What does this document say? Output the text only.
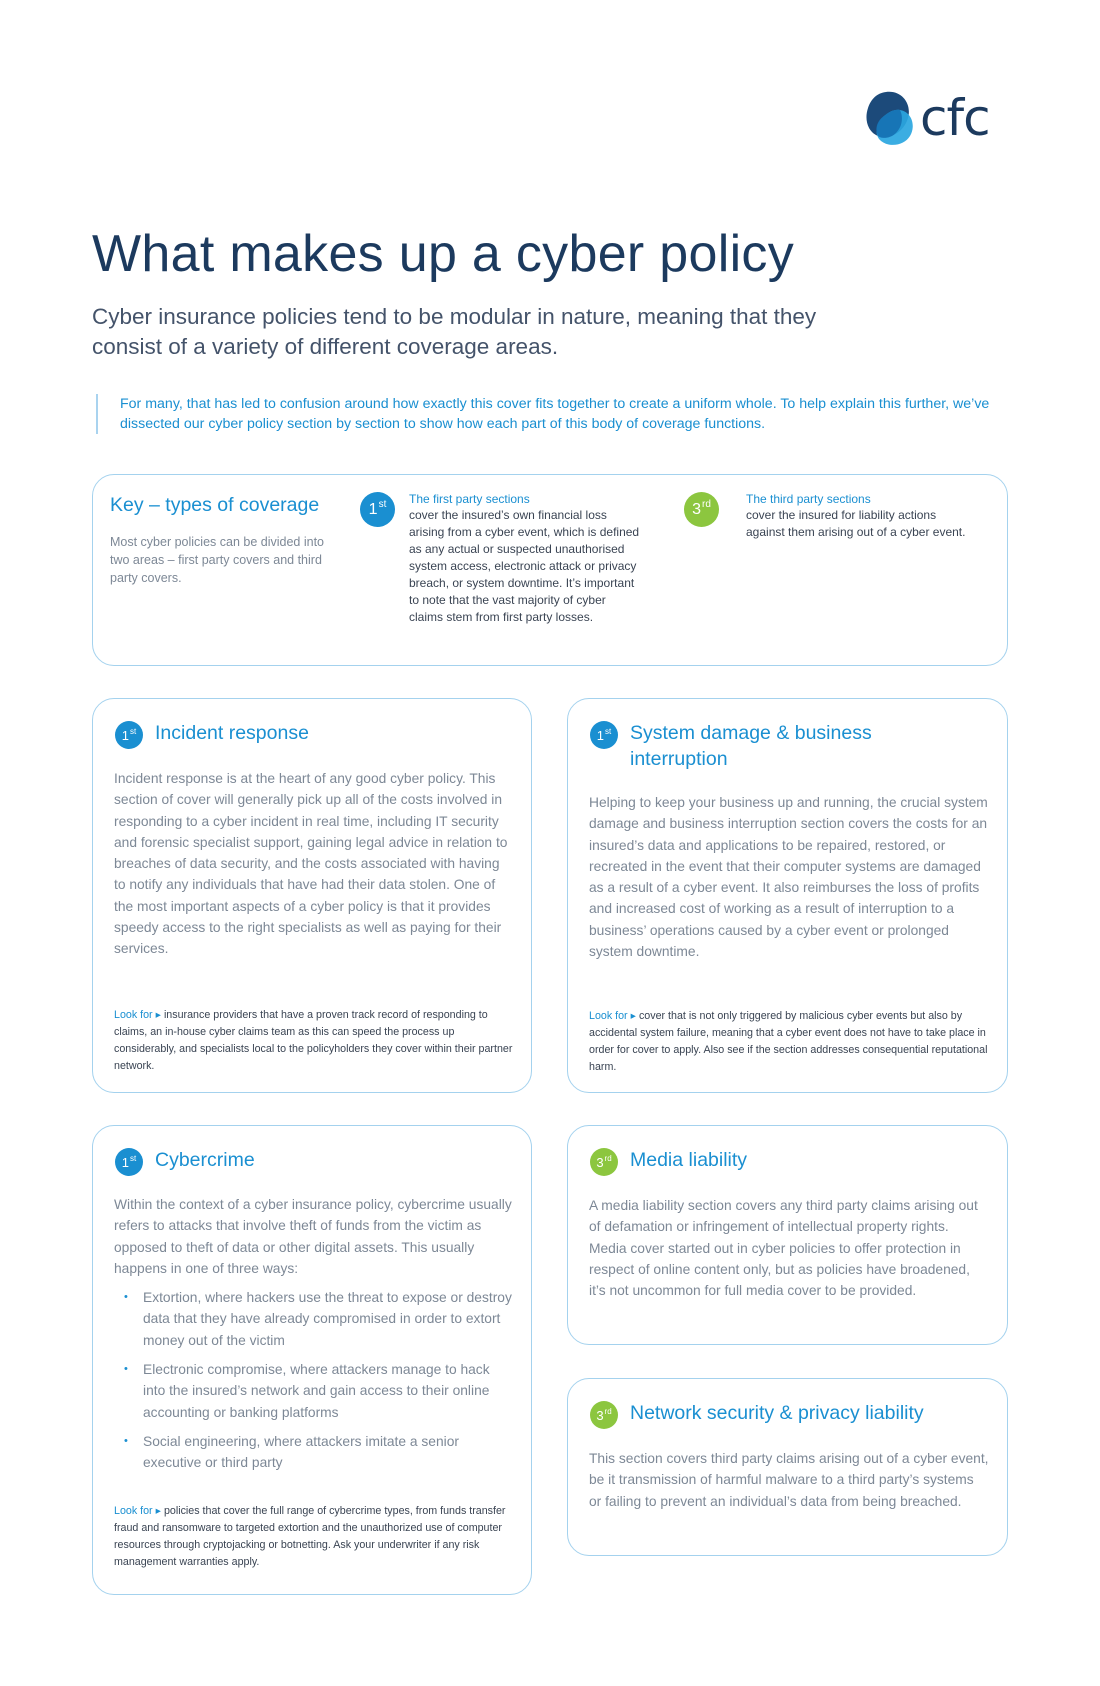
cfc
What makes up a cyber policy

Cyber insurance policies tend to be modular in nature, meaning that they consist of a variety of different coverage areas.

For many, that has led to confusion around how exactly this cover fits together to create a uniform whole. To help explain this further, we’ve dissected our cyber policy section by section to show how each part of this body of coverage functions.
Key – types of coverage
Most cyber policies can be divided into two areas – first party covers and third party covers.
1st The first party sections
cover the insured’s own financial loss arising from a cyber event, which is defined as any actual or suspected unauthorised system access, electronic attack or privacy breach, or system downtime. It’s important to note that the vast majority of cyber claims stem from first party losses.
3rd	The third party sections
cover the insured for liability actions against them arising out of a cyber event.
1st Incident response
Incident response is at the heart of any good cyber policy. This section of cover will generally pick up all of the costs involved in responding to a cyber incident in real time, including IT security and forensic specialist support, gaining legal advice in relation to breaches of data security, and the costs associated with having to notify any individuals that have had their data stolen. One of the most important aspects of a cyber policy is that it provides speedy access to the right specialists as well as paying for their services.
Look for ▸ insurance providers that have a proven track record of responding to claims, an in-house cyber claims team as this can speed the process up considerably, and specialists local to the policyholders they cover within their partner network.
1st System damage & business interruption
Helping to keep your business up and running, the crucial system damage and business interruption section covers the costs for an insured’s data and applications to be repaired, restored, or recreated in the event that their computer systems are damaged as a result of a cyber event. It also reimburses the loss of profits and increased cost of working as a result of interruption to a business’ operations caused by a cyber event or prolonged system downtime.
Look for ▸ cover that is not only triggered by malicious cyber events but also by accidental system failure, meaning that a cyber event does not have to take place in order for cover to apply. Also see if the section addresses consequential reputational harm.
1st Cybercrime
Within the context of a cyber insurance policy, cybercrime usually refers to attacks that involve theft of funds from the victim as opposed to theft of data or other digital assets. This usually happens in one of three ways:
• Extortion, where hackers use the threat to expose or destroy data that they have already compromised in order to extort money out of the victim
• Electronic compromise, where attackers manage to hack into the insured’s network and gain access to their online accounting or banking platforms
• Social engineering, where attackers imitate a senior executive or third party
Look for ▸ policies that cover the full range of cybercrime types, from funds transfer fraud and ransomware to targeted extortion and the unauthorized use of computer resources through cryptojacking or botnetting. Ask your underwriter if any risk management warranties apply.
3rd Media liability
A media liability section covers any third party claims arising out of defamation or infringement of intellectual property rights. Media cover started out in cyber policies to offer protection in respect of online content only, but as policies have broadened, it’s not uncommon for full media cover to be provided.
3rd Network security & privacy liability
This section covers third party claims arising out of a cyber event, be it transmission of harmful malware to a third party’s systems or failing to prevent an individual’s data from being breached.
